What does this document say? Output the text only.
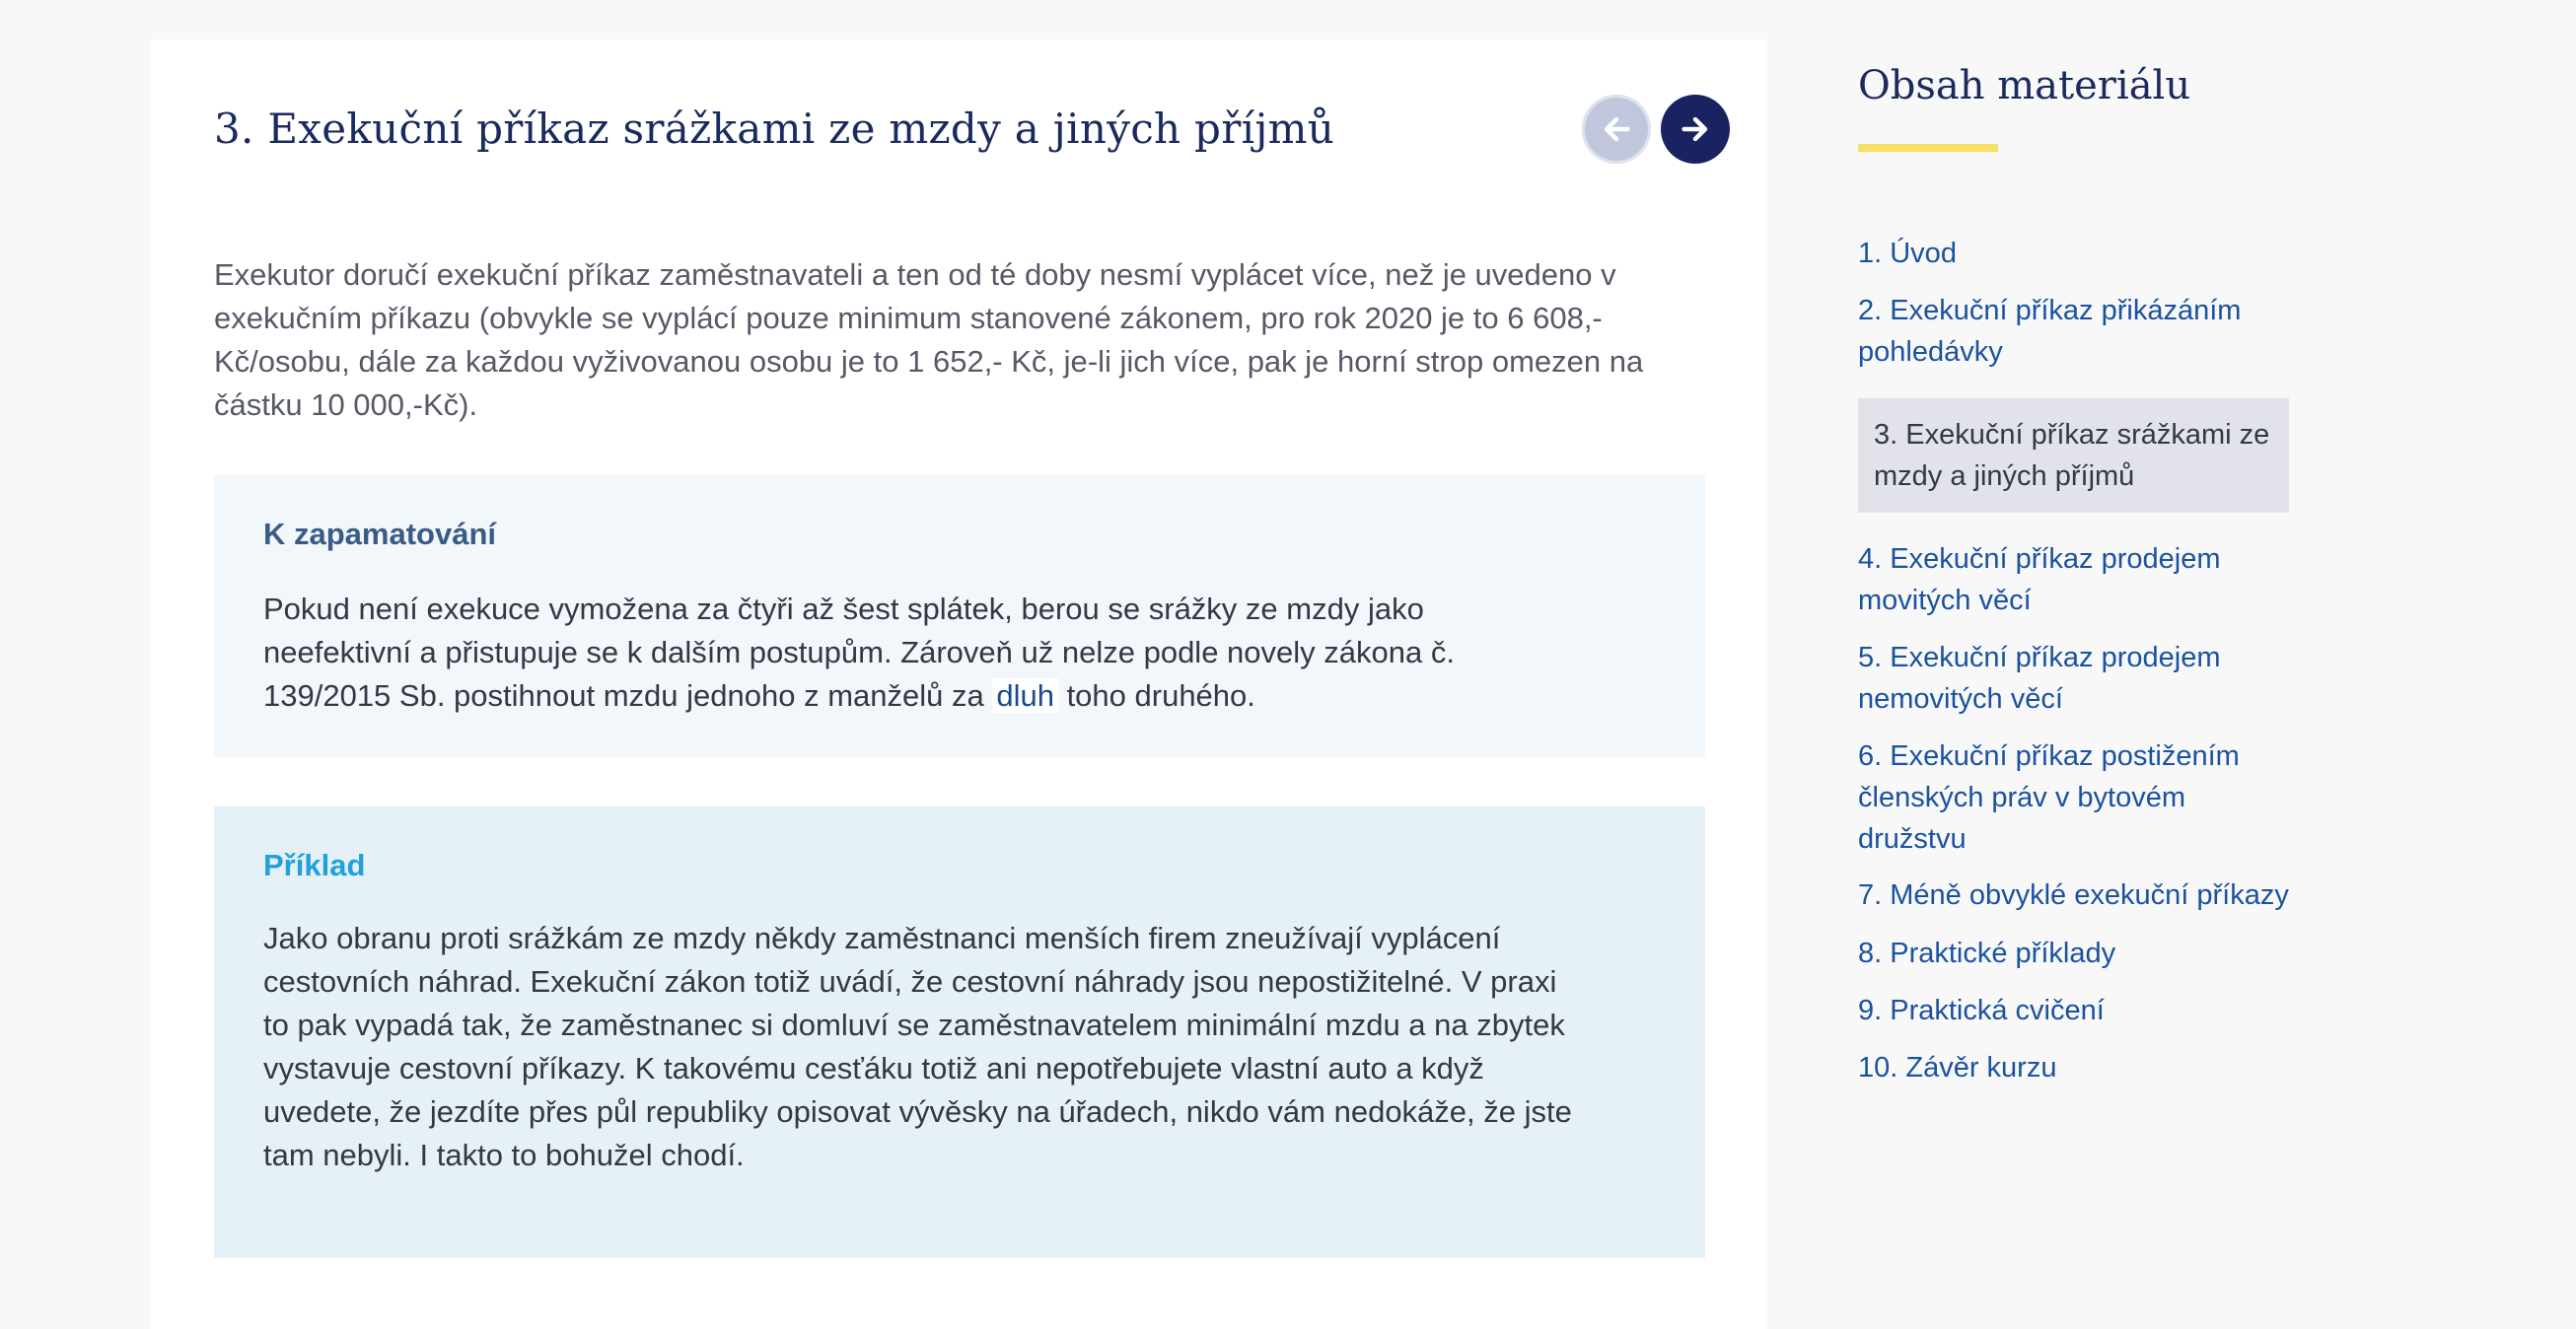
3. Exekuční příkaz srážkami ze mzdy a jiných příjmů

Exekutor doručí exekuční příkaz zaměstnavateli a ten od té doby nesmí vyplácet více, než je uvedeno v exekučním příkazu (obvykle se vyplácí pouze minimum stanovené zákonem, pro rok 2020 je to 6 608,- Kč/osobu, dále za každou vyživovanou osobu je to 1 652,- Kč, je-li jich více, pak je horní strop omezen na částku 10 000,-Kč).

K zapamatování
Pokud není exekuce vymožena za čtyři až šest splátek, berou se srážky ze mzdy jako neefektivní a přistupuje se k dalším postupům. Zároveň už nelze podle novely zákona č. 139/2015 Sb. postihnout mzdu jednoho z manželů za dluh toho druhého.
Příklad
Jako obranu proti srážkám ze mzdy někdy zaměstnanci menších firem zneužívají vyplácení cestovních náhrad. Exekuční zákon totiž uvádí, že cestovní náhrady jsou nepostižitelné. V praxi to pak vypadá tak, že zaměstnanec si domluví se zaměstnavatelem minimální mzdu a na zbytek vystavuje cestovní příkazy. K takovému cesťáku totiž ani nepotřebujete vlastní auto a když uvedete, že jezdíte přes půl republiky opisovat vývěsky na úřadech, nikdo vám nedokáže, že jste tam nebyli. I takto to bohužel chodí.
Obsah materiálu
1. Úvod
2. Exekuční příkaz přikázáním pohledávky
3. Exekuční příkaz srážkami ze mzdy a jiných příjmů
4. Exekuční příkaz prodejem movitých věcí
5. Exekuční příkaz prodejem nemovitých věcí
6. Exekuční příkaz postižením členských práv v bytovém družstvu
7. Méně obvyklé exekuční příkazy
8. Praktické příklady
9. Praktická cvičení
10. Závěr kurzu
